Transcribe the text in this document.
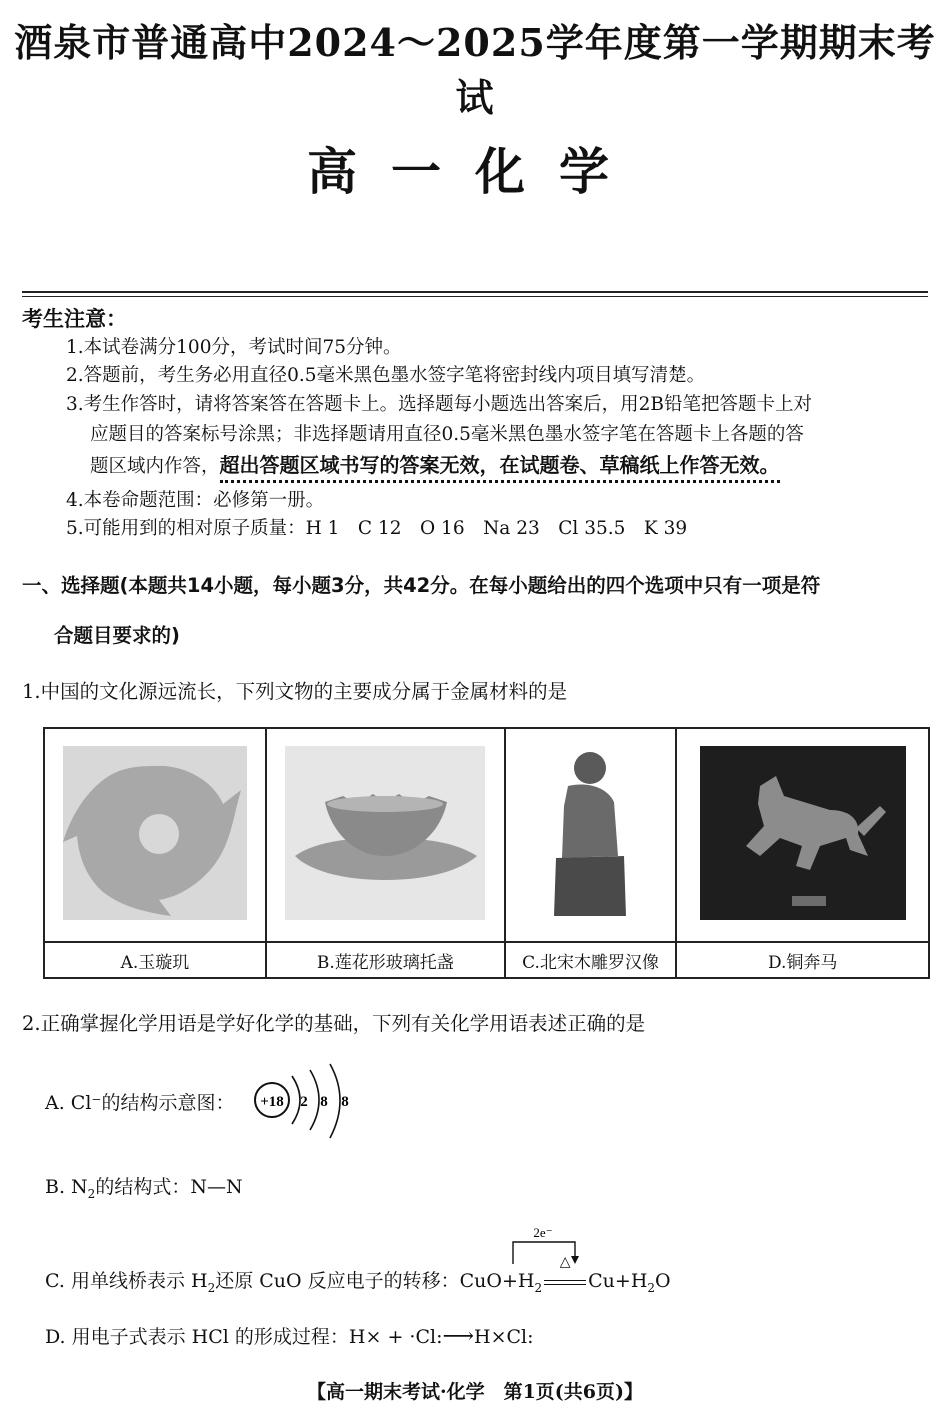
酒泉市普通高中2024～2025学年度第一学期期末考试
高一化学
考生注意：
1.本试卷满分100分，考试时间75分钟。
2.答题前，考生务必用直径0.5毫米黑色墨水签字笔将密封线内项目填写清楚。
3.考生作答时，请将答案答在答题卡上。选择题每小题选出答案后，用2B铅笔把答题卡上对
应题目的答案标号涂黑；非选择题请用直径0.5毫米黑色墨水签字笔在答题卡上各题的答
题区域内作答，超出答题区域书写的答案无效，在试题卷、草稿纸上作答无效。
4.本卷命题范围：必修第一册。
5.可能用到的相对原子质量：H 1　C 12　O 16　Na 23　Cl 35.5　K 39
一、选择题(本题共14小题，每小题3分，共42分。在每小题给出的四个选项中只有一项是符
合题目要求的)
1.中国的文化源远流长，下列文物的主要成分属于金属材料的是

A.玉璇玑	B.莲花形玻璃托盏	C.北宋木雕罗汉像	D.铜奔马
2.正确掌握化学用语是学好化学的基础，下列有关化学用语表述正确的是
A. Cl⁻的结构示意图： +18 2 8 8
B. $N_2$的结构式：N—N
C. 用单线桥表示 $H_2$还原 CuO 反应电子的转移：$CuO+H_2$
△
$Cu+H_2O$
2e⁻
D. 用电子式表示 HCl 的形成过程：H× + ·Cl:⟶H×Cl:
【高一期末考试·化学　第1页(共6页)】
